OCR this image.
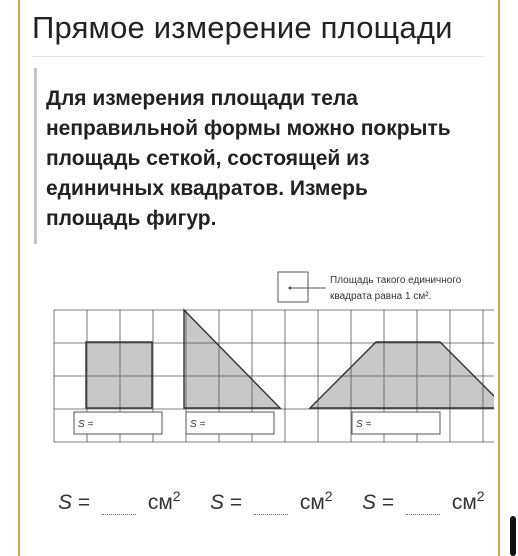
Прямое измерение площади
Для измерения площади тела неправильной формы можно покрыть площадь сеткой, состоящей из единичных квадратов. Измерь площадь фигур.
Площадь такого единичного
квадрата равна 1 см².
S =	S =	S =
S =	$см^2$ S =	$см^2$ S =	$см^2$
